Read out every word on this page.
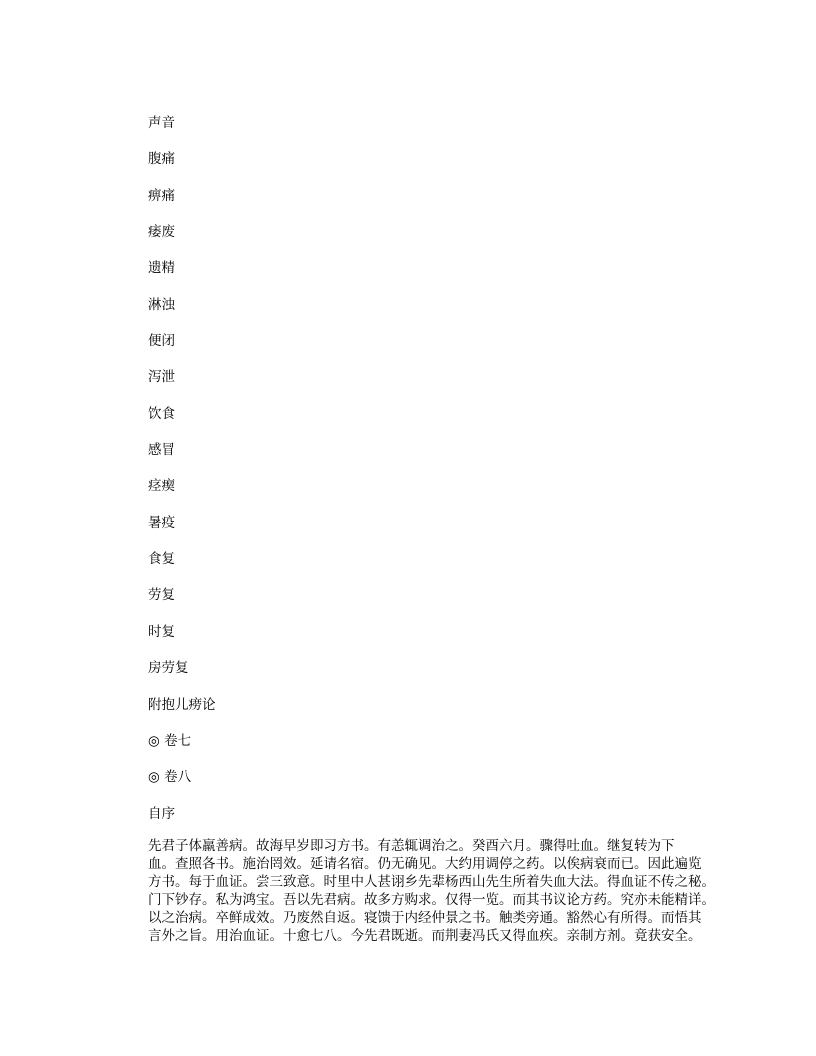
声音
腹痛
痹痛
痿废
遗精
淋浊
便闭
泻泄
饮食
感冒
痉瘈
暑疫
食复
劳复
时复
房劳复
附抱儿痨论
◎ 卷七
◎ 卷八
自序

先君子体羸善病。故海早岁即习方书。有恙辄调治之。癸酉六月。骤得吐血。继复转为下
血。查照各书。施治罔效。延请名宿。仍无确见。大约用调停之药。以俟病衰而已。因此遍览
方书。每于血证。尝三致意。时里中人甚诩乡先辈杨西山先生所着失血大法。得血证不传之秘。
门下钞存。私为鸿宝。吾以先君病。故多方购求。仅得一览。而其书议论方药。究亦未能精详。
以之治病。卒鲜成效。乃废然自返。寝馈于内经仲景之书。触类旁通。豁然心有所得。而悟其
言外之旨。用治血证。十愈七八。今先君既逝。而荆妻冯氏又得血疾。亲制方剂。竟获安全。
